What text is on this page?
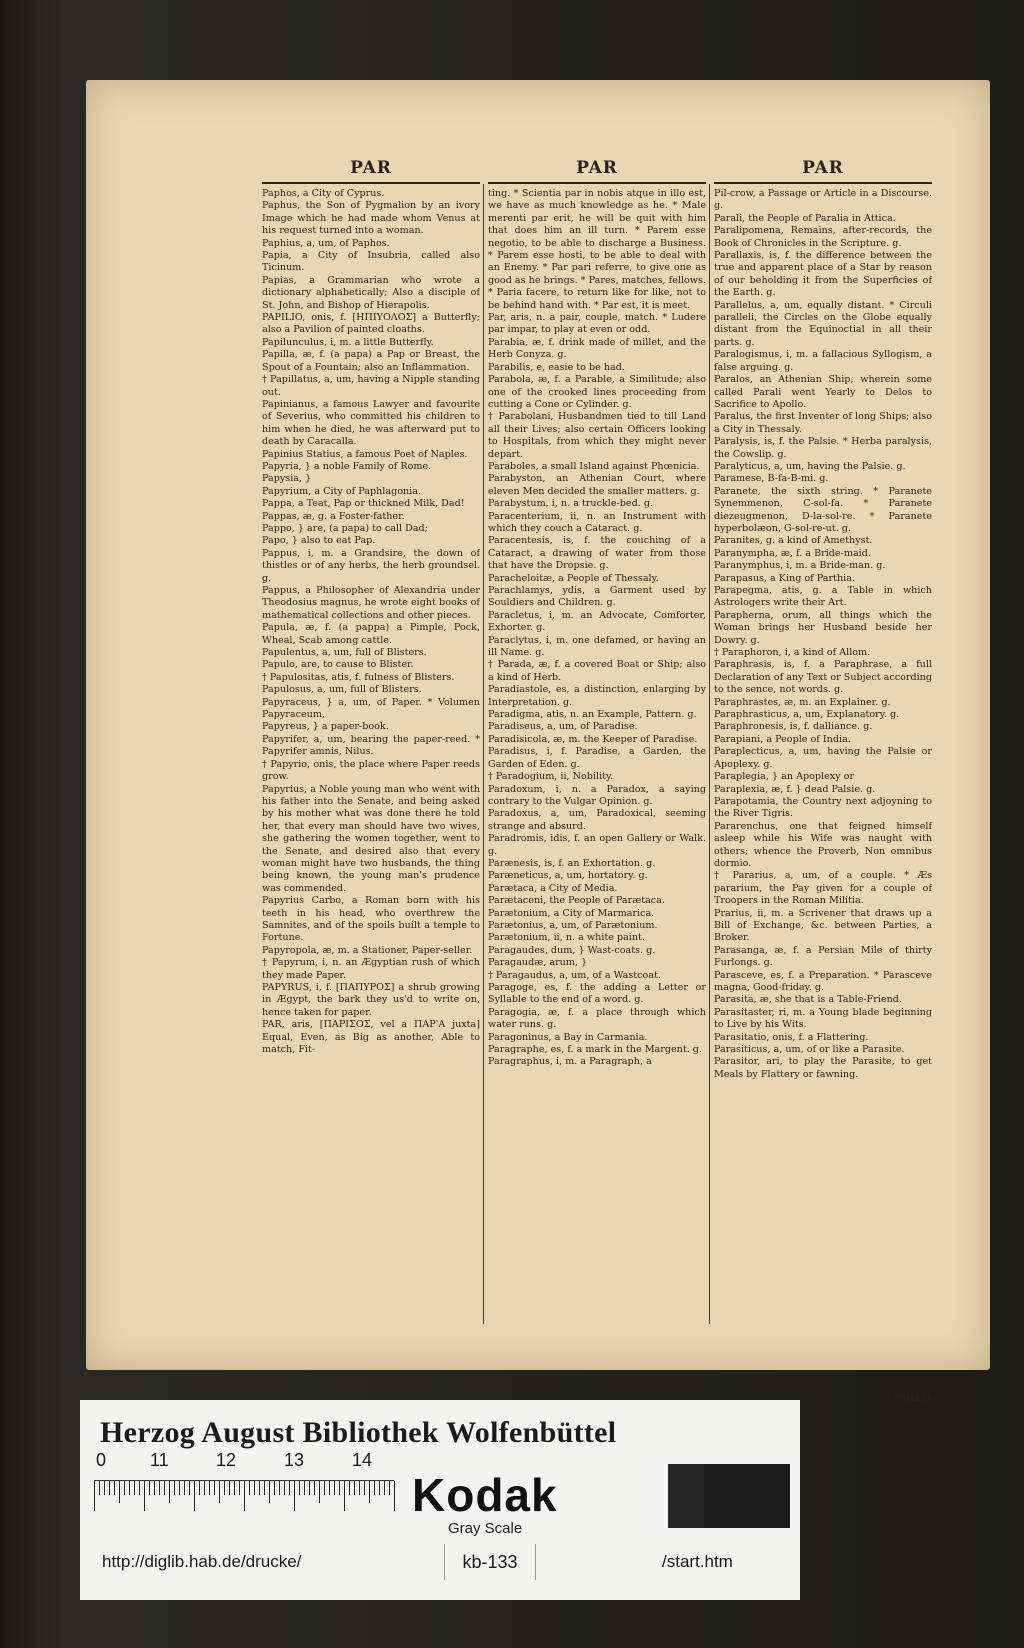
PAR
Paphos, a City of Cyprus.
Paphus, the Son of Pygmalion by an ivory Image which he had made whom Venus at his request turned into a woman.
Paphius, a, um, of Paphos.
Papia, a City of Insubria, called also Ticinum.
Papias, a Grammarian who wrote a dictionary alphabetically; Also a disciple of St. John, and Bishop of Hierapolis.
PAPILIO, onis, f. [ΗΠΙΥΟΛΟΣ] a Butterfly; also a Pavilion of painted cloaths.
Papilunculus, i, m. a little Butterfly.
Papilla, æ, f. (a papa) a Pap or Breast, the Spout of a Fountain; also an Inflammation.
† Papillatus, a, um, having a Nipple standing out.
Papinianus, a famous Lawyer and favourite of Severius, who committed his children to him when he died, he was afterward put to death by Caracalla.
Papinius Statius, a famous Poet of Naples.
Papyria, } a noble Family of Rome.
Papysia, }
Papyrium, a City of Paphlagonia.
Pappa, a Teat, Pap or thickned Milk, Dad!
Pappas, æ, g. a Foster-father.
Pappo, } are, (a papa) to call Dad;
Papo, } also to eat Pap.
Pappus, i, m. a Grandsire, the down of thistles or of any herbs, the herb groundsel. g.
Pappus, a Philosopher of Alexandria under Theodosius magnus, he wrote eight books of mathematical collections and other pieces.
Papula, æ, f. (a pappa) a Pimple, Pock, Wheal, Scab among cattle.
Papulentus, a, um, full of Blisters.
Papulo, are, to cause to Blister.
† Papulositas, atis, f. fulness of Blisters.
Papulosus, a, um, full of Blisters.
Papyraceus, } a, um, of Paper. * Volumen Papyraceum,
Papyreus, } a paper-book.
Papyrifer, a, um, bearing the paper-reed. * Papyrifer amnis, Nilus.
† Papyrio, onis, the place where Paper reeds grow.
Papyrius, a Noble young man who went with his father into the Senate, and being asked by his mother what was done there he told her, that every man should have two wives, she gathering the women together, went to the Senate, and desired also that every woman might have two husbands, the thing being known, the young man's prudence was commended.
Papyrius Carbo, a Roman born with his teeth in his head, who overthrew the Samnites, and of the spoils built a temple to Fortune.
Papyropola, æ, m. a Stationer, Paper-seller.
† Papyrum, i, n. an Ægyptian rush of which they made Paper.
PAPYRUS, i, f. [ΠΑΠΥΡΟΣ] a shrub growing in Ægypt, the bark they us'd to write on, hence taken for paper.
PAR, aris, [ΠΑΡΙΣΟΣ, vel a ΠΑΡ'Α juxta] Equal, Even, as Big as another, Able to match, Fit-
PAR
ting. * Scientia par in nobis atque in illo est, we have as much knowledge as he. * Male merenti par erit, he will be quit with him that does him an ill turn. * Parem esse negotio, to be able to discharge a Business. * Parem esse hosti, to be able to deal with an Enemy. * Par pari referre, to give one as good as he brings. * Pares, matches, fellows. * Paria facere, to return like for like, not to be behind hand with. * Par est, it is meet.
Par, aris, n. a pair, couple, match. * Ludere par impar, to play at even or odd.
Parabia, æ, f. drink made of millet, and the Herb Conyza. g.
Parabilis, e, easie to be had.
Parabola, æ, f. a Parable, a Similitude; also one of the crooked lines proceeding from cutting a Cone or Cylinder. g.
† Parabolani, Husbandmen tied to till Land all their Lives; also certain Officers looking to Hospitals, from which they might never depart.
Paraboles, a small Island against Phœnicia.
Parabyston, an Athenian Court, where eleven Men decided the smaller matters. g.
Parabystum, i, n. a truckle-bed. g.
Paracenterium, ii, n. an Instrument with which they couch a Cataract. g.
Paracentesis, is, f. the couching of a Cataract, a drawing of water from those that have the Dropsie. g.
Paracheloitæ, a People of Thessaly.
Parachlamys, ydis, a Garment used by Souldiers and Children. g.
Paracletus, i, m. an Advocate, Comforter, Exhorter. g.
Paraclytus, i, m. one defamed, or having an ill Name. g.
† Parada, æ, f. a covered Boat or Ship; also a kind of Herb.
Paradiastole, es, a distinction, enlarging by Interpretation. g.
Paradigma, atis, n. an Example, Pattern. g.
Paradiseus, a, um, of Paradise.
Paradisicola, æ, m. the Keeper of Paradise.
Paradisus, i, f. Paradise, a Garden, the Garden of Eden. g.
† Paradogium, ii, Nobility.
Paradoxum, i, n. a Paradox, a saying contrary to the Vulgar Opinion. g.
Paradoxus, a, um, Paradoxical, seeming strange and absurd.
Paradromis, idis, f. an open Gallery or Walk. g.
Parænesis, is, f. an Exhortation. g.
Paræneticus, a, um, hortatory. g.
Parætaca, a City of Media.
Parætaceni, the People of Parætaca.
Parætonium, a City of Marmarica.
Parætonius, a, um, of Parætonium.
Parætonium, ii, n. a white paint.
Paragaudes, dum, } Wast-coats. g.
Paragaudæ, arum, }
† Paragaudus, a, um, of a Wastcoat.
Paragoge, es, f. the adding a Letter or Syllable to the end of a word. g.
Paragogia, æ, f. a place through which water runs. g.
Paragoninus, a Bay in Carmania.
Paragraphe, es, f. a mark in the Margent. g.
Paragraphus, i, m. a Paragraph, a
PAR
Pil-crow, a Passage or Article in a Discourse. g.
Parali, the People of Paralia in Attica.
Paralipomena, Remains, after-records, the Book of Chronicles in the Scripture. g.
Parallaxis, is, f. the difference between the true and apparent place of a Star by reason of our beholding it from the Superficies of the Earth. g.
Parallelus, a, um, equally distant. * Circuli paralleli, the Circles on the Globe equally distant from the Equinoctial in all their parts. g.
Paralogismus, i, m. a fallacious Syllogism, a false arguing. g.
Paralos, an Athenian Ship, wherein some called Parali went Yearly to Delos to Sacrifice to Apollo.
Paralus, the first Inventer of long Ships; also a City in Thessaly.
Paralysis, is, f. the Palsie. * Herba paralysis, the Cowslip. g.
Paralyticus, a, um, having the Palsie. g.
Paramese, B-fa-B-mi. g.
Paranete, the sixth string. * Paranete Synemmenon, C-sol-fa. * Paranete diezeugmenon, D-la-sol-re. * Paranete hyperbolæon, G-sol-re-ut. g.
Paranites, g. a kind of Amethyst.
Paranympha, æ, f. a Bride-maid.
Paranymphus, i, m. a Bride-man. g.
Parapasus, a King of Parthia.
Parapegma, atis, g. a Table in which Astrologers write their Art.
Parapherna, orum, all things which the Woman brings her Husband beside her Dowry. g.
† Paraphoron, i, a kind of Allom.
Paraphrasis, is, f. a Paraphrase, a full Declaration of any Text or Subject according to the sence, not words. g.
Paraphrastes, æ, m. an Explainer. g.
Paraphrasticus, a, um, Explanatory. g.
Paraphronesis, is, f. dalliance. g.
Parapiani, a People of India.
Paraplecticus, a, um, having the Palsie or Apoplexy. g.
Paraplegia, } an Apoplexy or
Paraplexia, æ, f. } dead Palsie. g.
Parapotamia, the Country next adjoyning to the River Tigris.
Pararenchus, one that feigned himself asleep while his Wife was naught with others; whence the Proverb, Non omnibus dormio.
† Pararius, a, um, of a couple. * Æs pararium, the Pay given for a couple of Troopers in the Roman Militia.
Prarius, ii, m. a Scrivener that draws up a Bill of Exchange, &c. between Parties, a Broker.
Parasanga, æ, f. a Persian Mile of thirty Furlongs. g.
Parasceve, es, f. a Preparation. * Parasceve magna, Good-friday. g.
Parasita, æ, she that is a Table-Friend.
Parasitaster, ri, m. a Young blade beginning to Live by his Wits.
Parasitatio, onis, f. a Flattering.
Parasiticus, a, um, of or like a Parasite.
Parasitor, ari, to play the Parasite, to get Meals by Flattery or fawning.
PARASI-
Herzog August Bibliothek Wolfenbüttel
0 11	12	13	14
Kodak
Gray Scale
http://diglib.hab.de/drucke/	kb-133	/start.htm
